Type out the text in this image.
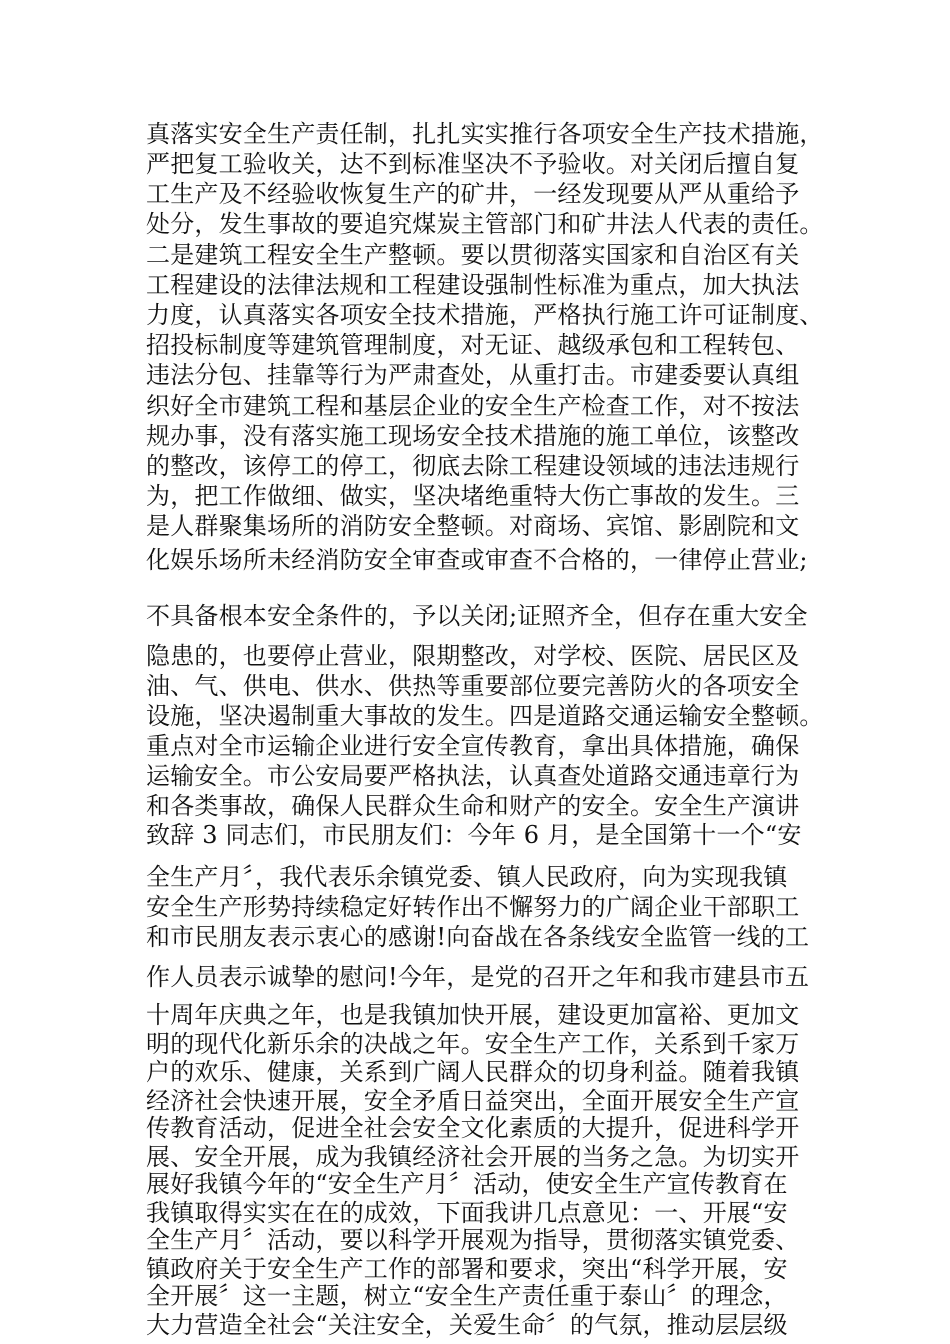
真落实安全生产责任制，扎扎实实推行各项安全生产技术措施，
严把复工验收关，达不到标准坚决不予验收。对关闭后擅自复
工生产及不经验收恢复生产的矿井，一经发现要从严从重给予
处分，发生事故的要追究煤炭主管部门和矿井法人代表的责任。
二是建筑工程安全生产整顿。要以贯彻落实国家和自治区有关
工程建设的法律法规和工程建设强制性标准为重点，加大执法
力度，认真落实各项安全技术措施，严格执行施工许可证制度、
招投标制度等建筑管理制度，对无证、越级承包和工程转包、
违法分包、挂靠等行为严肃查处，从重打击。市建委要认真组
织好全市建筑工程和基层企业的安全生产检查工作，对不按法
规办事，没有落实施工现场安全技术措施的施工单位，该整改
的整改，该停工的停工，彻底去除工程建设领域的违法违规行
为，把工作做细、做实，坚决堵绝重特大伤亡事故的发生。三
是人群聚集场所的消防安全整顿。对商场、宾馆、影剧院和文
化娱乐场所未经消防安全审查或审查不合格的，一律停止营业;
不具备根本安全条件的，予以关闭;证照齐全，但存在重大安全
隐患的，也要停止营业，限期整改，对学校、医院、居民区及
油、气、供电、供水、供热等重要部位要完善防火的各项安全
设施，坚决遏制重大事故的发生。四是道路交通运输安全整顿。
重点对全市运输企业进行安全宣传教育，拿出具体措施，确保
运输安全。市公安局要严格执法，认真查处道路交通违章行为
和各类事故，确保人民群众生命和财产的安全。安全生产演讲
致辞 3 同志们，市民朋友们：今年 6 月，是全国第十一个“安
全生产月〞，我代表乐余镇党委、镇人民政府，向为实现我镇
安全生产形势持续稳定好转作出不懈努力的广阔企业干部职工
和市民朋友表示衷心的感谢!向奋战在各条线安全监管一线的工
作人员表示诚挚的慰问!今年，是党的召开之年和我市建县市五
十周年庆典之年，也是我镇加快开展，建设更加富裕、更加文
明的现代化新乐余的决战之年。安全生产工作，关系到千家万
户的欢乐、健康，关系到广阔人民群众的切身利益。随着我镇
经济社会快速开展，安全矛盾日益突出，全面开展安全生产宣
传教育活动，促进全社会安全文化素质的大提升，促进科学开
展、安全开展，成为我镇经济社会开展的当务之急。为切实开
展好我镇今年的“安全生产月〞活动，使安全生产宣传教育在
我镇取得实实在在的成效，下面我讲几点意见：一、开展“安
全生产月〞活动，要以科学开展观为指导，贯彻落实镇党委、
镇政府关于安全生产工作的部署和要求，突出“科学开展，安
全开展〞这一主题，树立“安全生产责任重于泰山〞的理念，
大力营造全社会“关注安全，关爱生命〞的气氛，推动层层级
